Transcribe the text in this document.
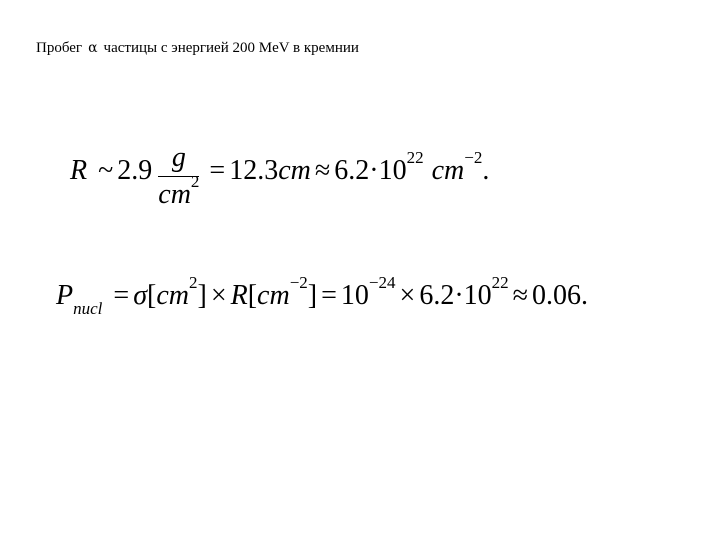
Пробег α частицы с энергией 200 MeV в кремнии
R ~ $2.9 \frac{g}{cm^2} = 12.3cm \approx 6.2\cdot 10^{22}$ $cm^{-2}$.
$P_{nucl} = \sigma[cm^2] \times R[cm^{-2}] = 10^{-24} \times 6.2\cdot 10^{22} \approx 0.06$.
